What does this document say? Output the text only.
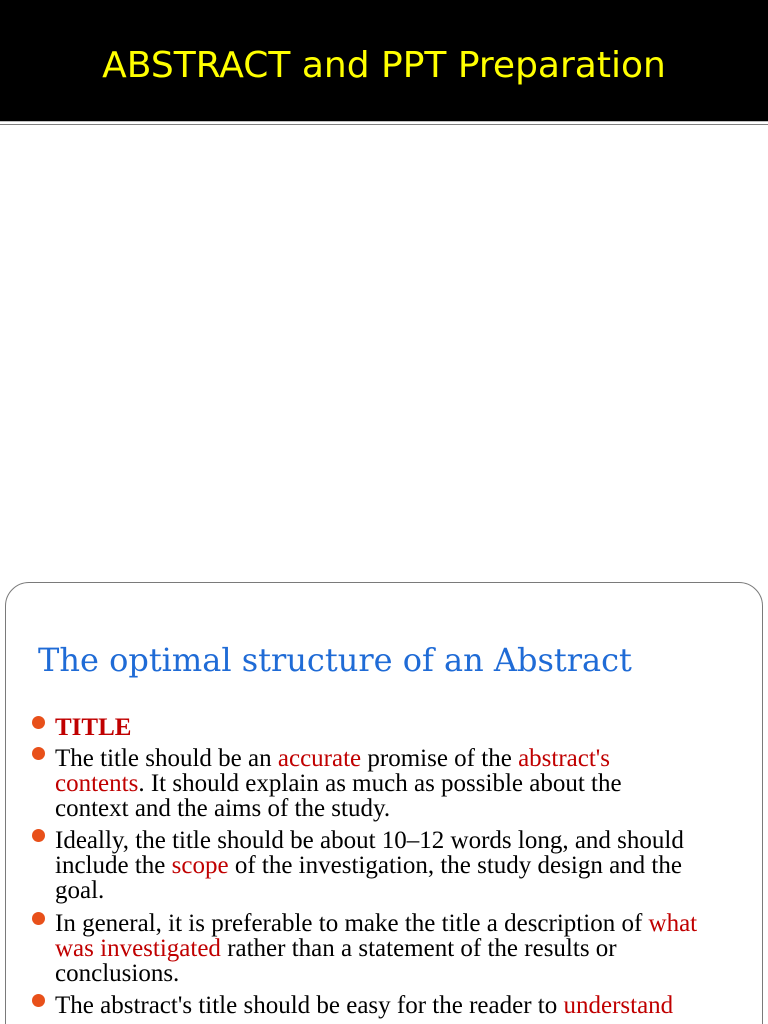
ABSTRACT and PPT Preparation
The optimal structure of an Abstract
TITLE
The title should be an accurate promise of the abstract's
contents. It should explain as much as possible about the
context and the aims of the study.
Ideally, the title should be about 10–12 words long, and should
include the scope of the investigation, the study design and the
goal.
In general, it is preferable to make the title a description of what
was investigated rather than a statement of the results or
conclusions.
The abstract's title should be easy for the reader to understand
